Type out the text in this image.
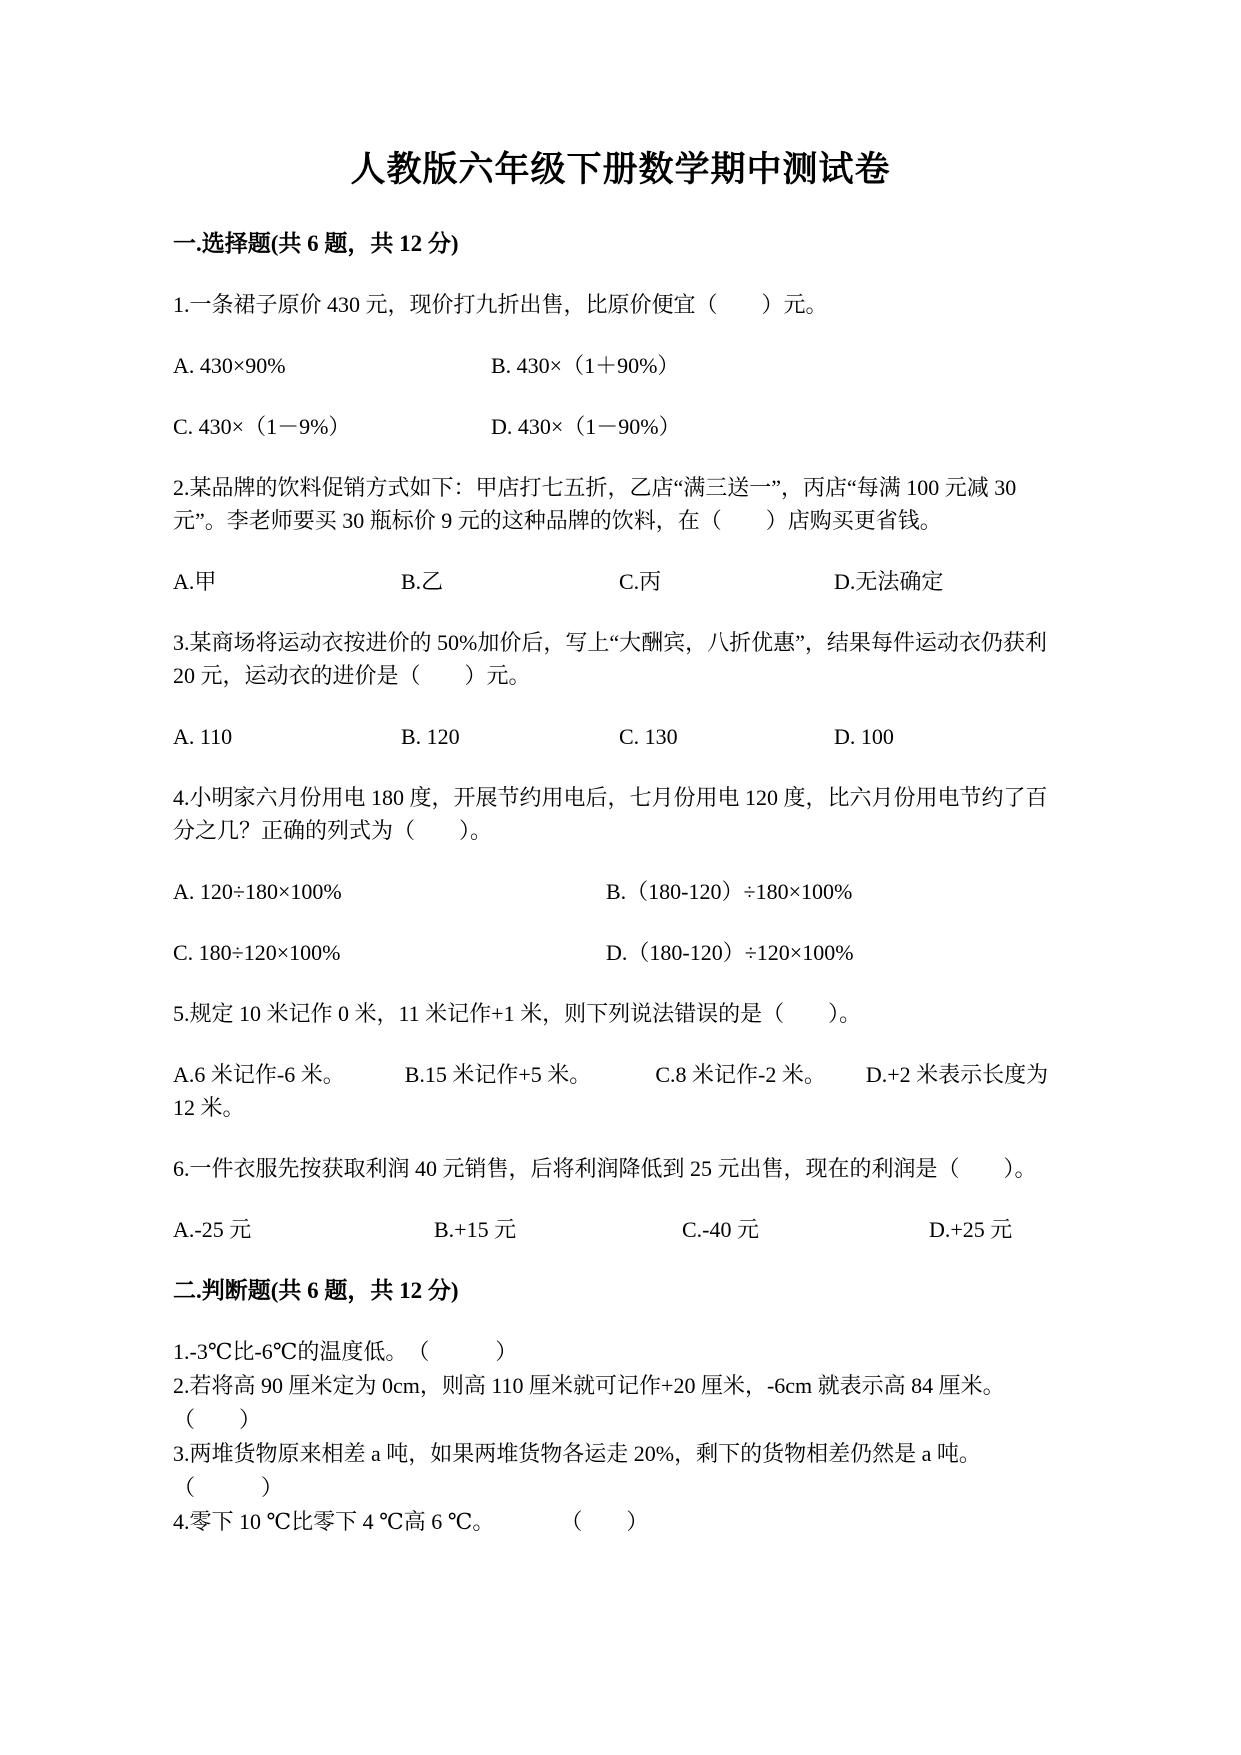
人教版六年级下册数学期中测试卷
一.选择题(共 6 题，共 12 分)

1.一条裙子原价 430 元，现价打九折出售，比原价便宜（　　）元。

A. 430×90%	B. 430×（1＋90%）
C. 430×（1－9%）	D. 430×（1－90%）

2.某品牌的饮料促销方式如下：甲店打七五折，乙店“满三送一”，丙店“每满 100 元减 30 元”。李老师要买 30 瓶标价 9 元的这种品牌的饮料，在（　　）店购买更省钱。

A.甲	B.乙	C.丙	D.无法确定

3.某商场将运动衣按进价的 50%加价后，写上“大酬宾，八折优惠”，结果每件运动衣仍获利 20 元，运动衣的进价是（　　）元。

A. 110	B. 120	C. 130	D. 100

4.小明家六月份用电 180 度，开展节约用电后，七月份用电 120 度，比六月份用电节约了百分之几？正确的列式为（　　）。

A. 120÷180×100%	B.（180-120）÷180×100%
C. 180÷120×100%	D.（180-120）÷120×100%

5.规定 10 米记作 0 米，11 米记作+1 米，则下列说法错误的是（　　）。

A.6 米记作-6 米。	B.15 米记作+5 米。	C.8 米记作-2 米。 D.+2 米表示长度为 12 米。

6.一件衣服先按获取利润 40 元销售，后将利润降低到 25 元出售，现在的利润是（　　）。

A.-25 元	B.+15 元	C.-40 元	D.+25 元
二.判断题(共 6 题，共 12 分)

1.-3℃比-6℃的温度低。　（　　　）

2.若将高 90 厘米定为 0cm，则高 110 厘米就可记作+20 厘米，-6cm 就表示高 84 厘米。　　　　　　（　　）

3.两堆货物原来相差 a 吨，如果两堆货物各运走 20%，剩下的货物相差仍然是 a 吨。（　　　）

4.零下 10 ℃比零下 4 ℃高 6 ℃。　　　　（　　）
